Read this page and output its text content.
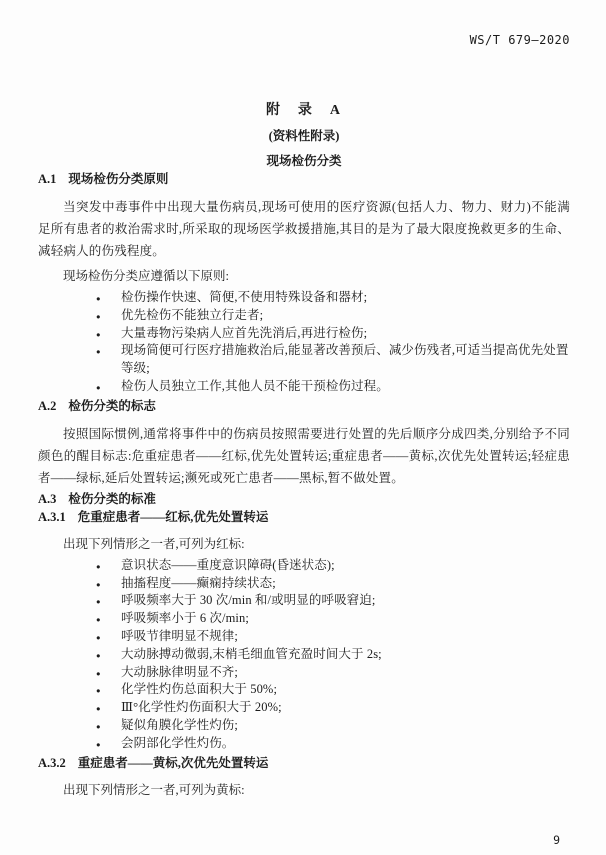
WS/T 679—2020
附　录　A
(资料性附录)
现场检伤分类
A.1 现场检伤分类原则

当突发中毒事件中出现大量伤病员,现场可使用的医疗资源(包括人力、物力、财力)不能满足所有患者的救治需求时,所采取的现场医学救援措施,其目的是为了最大限度挽救更多的生命、减轻病人的伤残程度。

现场检伤分类应遵循以下原则:

● 检伤操作快速、简便,不使用特殊设备和器材;
● 优先检伤不能独立行走者;
● 大量毒物污染病人应首先洗消后,再进行检伤;
● 现场简便可行医疗措施救治后,能显著改善预后、减少伤残者,可适当提高优先处置等级;
● 检伤人员独立工作,其他人员不能干预检伤过程。
A.2 检伤分类的标志

按照国际惯例,通常将事件中的伤病员按照需要进行处置的先后顺序分成四类,分别给予不同颜色的醒目标志:危重症患者——红标,优先处置转运;重症患者——黄标,次优先处置转运;轻症患者——绿标,延后处置转运;濒死或死亡患者——黑标,暂不做处置。

A.3 检伤分类的标准
A.3.1 危重症患者——红标,优先处置转运

出现下列情形之一者,可列为红标:

● 意识状态——重度意识障碍(昏迷状态);
● 抽搐程度——癫痫持续状态;
● 呼吸频率大于 30 次/min 和/或明显的呼吸窘迫;
● 呼吸频率小于 6 次/min;
● 呼吸节律明显不规律;
● 大动脉搏动微弱,末梢毛细血管充盈时间大于 2s;
● 大动脉脉律明显不齐;
● 化学性灼伤总面积大于 50%;
● Ⅲ°化学性灼伤面积大于 20%;
● 疑似角膜化学性灼伤;
● 会阴部化学性灼伤。
A.3.2 重症患者——黄标,次优先处置转运

出现下列情形之一者,可列为黄标:

9
